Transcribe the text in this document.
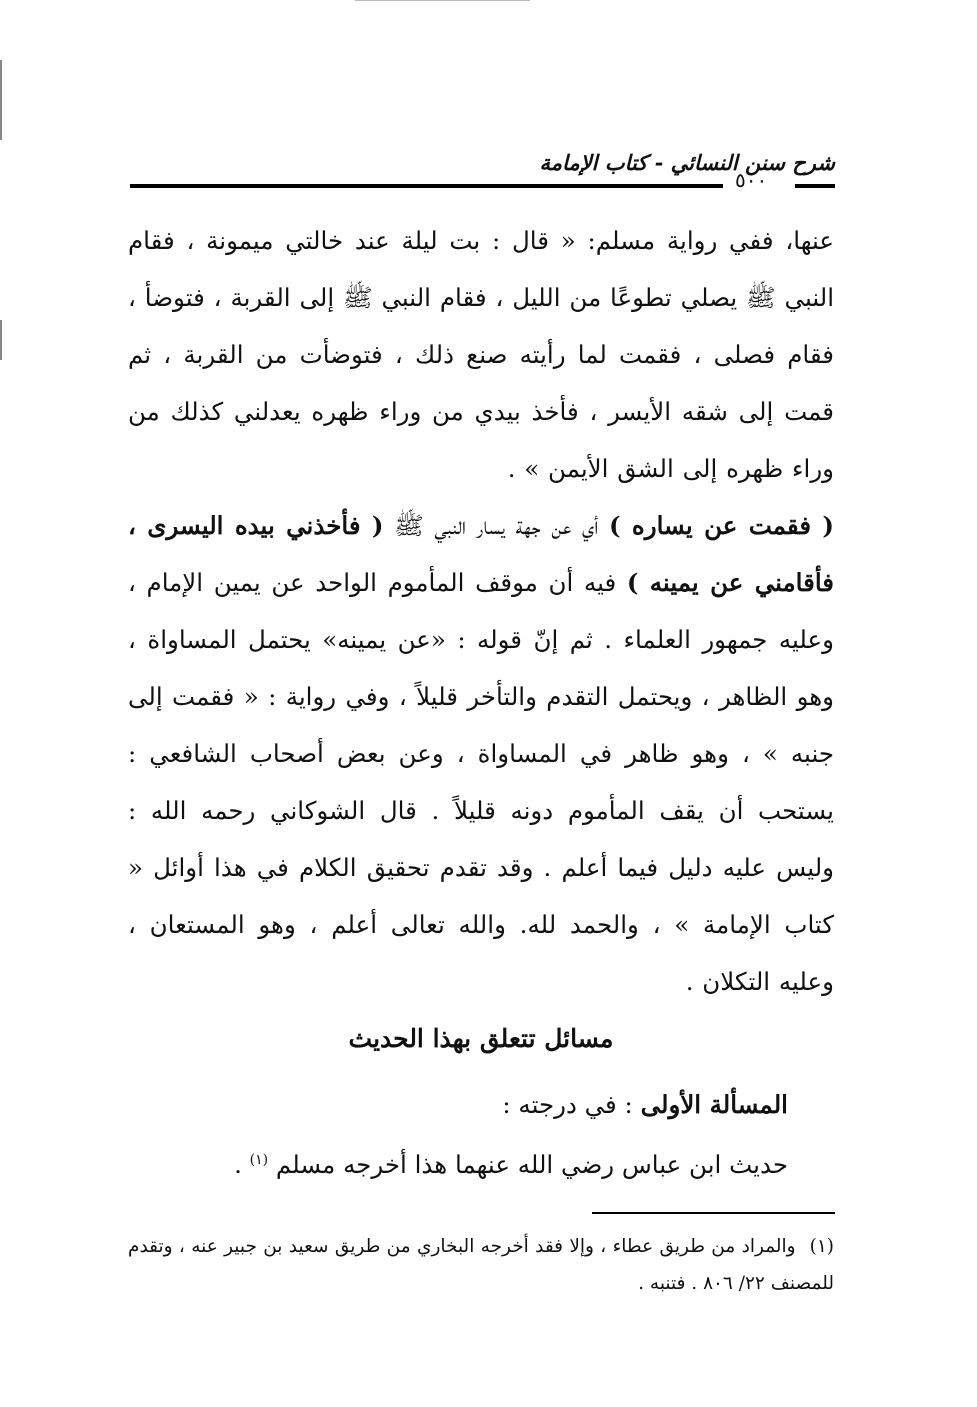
شرح سنن النسائي - كتاب الإمامة
٥٠٠
عنها، ففي رواية مسلم: « قال : بت ليلة عند خالتي ميمونة ، فقام النبي ﷺ يصلي تطوعًا من الليل ، فقام النبي ﷺ إلى القربة ، فتوضأ ، فقام فصلى ، فقمت لما رأيته صنع ذلك ، فتوضأت من القربة ، ثم قمت إلى شقه الأيسر ، فأخذ بيدي من وراء ظهره يعدلني كذلك من وراء ظهره إلى الشق الأيمن » .
( فقمت عن يساره ) أي عن جهة يسار النبي ﷺ ( فأخذني بيده اليسرى ، فأقامني عن يمينه ) فيه أن موقف المأموم الواحد عن يمين الإمام ، وعليه جمهور العلماء . ثم إنّ قوله : «عن يمينه» يحتمل المساواة ، وهو الظاهر ، ويحتمل التقدم والتأخر قليلاً ، وفي رواية : « فقمت إلى جنبه » ، وهو ظاهر في المساواة ، وعن بعض أصحاب الشافعي : يستحب أن يقف المأموم دونه قليلاً . قال الشوكاني رحمه الله : وليس عليه دليل فيما أعلم . وقد تقدم تحقيق الكلام في هذا أوائل « كتاب الإمامة » ، والحمد لله. والله تعالى أعلم ، وهو المستعان ، وعليه التكلان .
مسائل تتعلق بهذا الحديث
المسألة الأولى : في درجته :
حديث ابن عباس رضي الله عنهما هذا أخرجه مسلم $^{(١)}$ .
(١)والمراد من طريق عطاء ، وإلا فقد أخرجه البخاري من طريق سعيد بن جبير عنه ، وتقدم للمصنف ٢٢/ ٨٠٦ . فتنبه .
